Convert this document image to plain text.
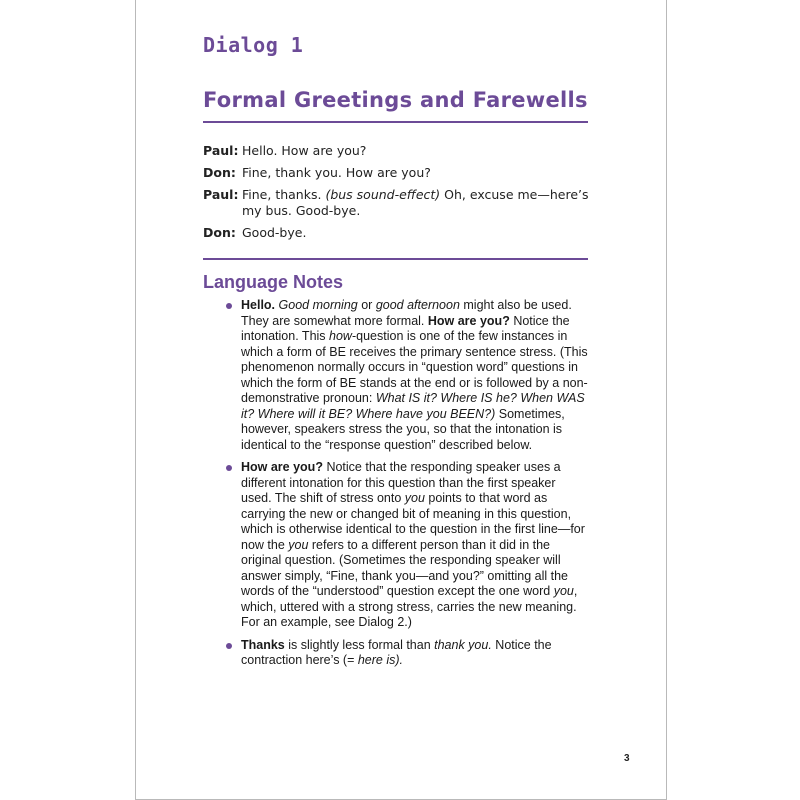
Dialog 1
Formal Greetings and Farewells
Paul: Hello. How are you?
Don: Fine, thank you. How are you?
Paul: Fine, thanks. (bus sound-effect) Oh, excuse me—here’s my bus. Good-bye.
Don: Good-bye.
Language Notes
Hello. Good morning or good afternoon might also be used. They are somewhat more formal. How are you? Notice the intonation. This how-question is one of the few instances in which a form of BE receives the primary sentence stress. (This phenomenon normally occurs in “question word” questions in which the form of BE stands at the end or is followed by a non-demonstrative pronoun: What IS it? Where IS he? When WAS it? Where will it BE? Where have you BEEN?) Sometimes, however, speakers stress the you, so that the intonation is identical to the “response question” described below.
How are you? Notice that the responding speaker uses a different intonation for this question than the first speaker used. The shift of stress onto you points to that word as carrying the new or changed bit of meaning in this question, which is otherwise identical to the question in the first line—for now the you refers to a different person than it did in the original question. (Sometimes the responding speaker will answer simply, “Fine, thank you—and you?” omitting all the words of the “understood” question except the one word you, which, uttered with a strong stress, carries the new meaning. For an example, see Dialog 2.)
Thanks is slightly less formal than thank you. Notice the contraction here’s (= here is).
3
